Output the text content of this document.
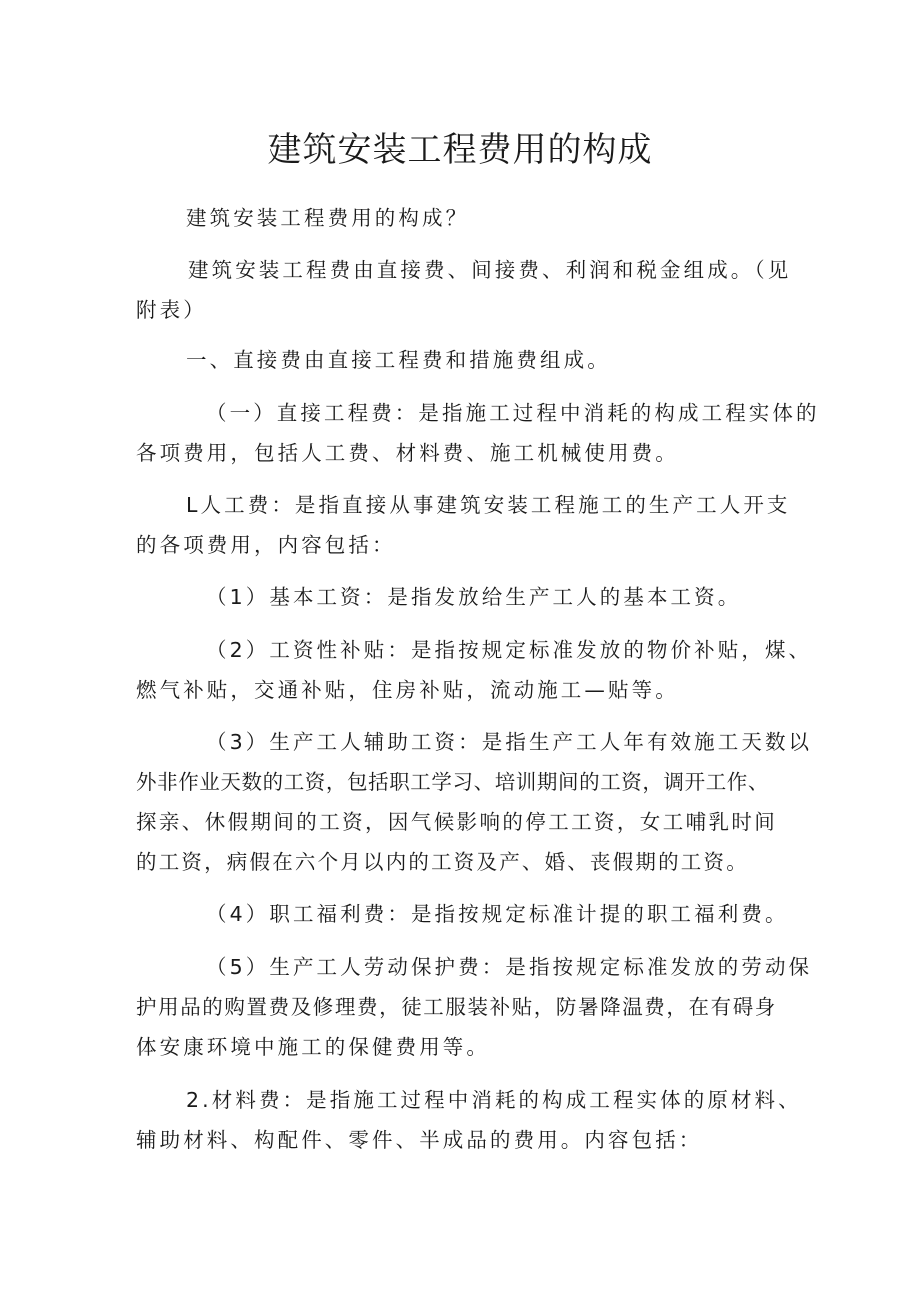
建筑安装工程费用的构成
建筑安装工程费用的构成？
建筑安装工程费由直接费、间接费、利润和税金组成。（见
附表）
一、直接费由直接工程费和措施费组成。
（一）直接工程费：是指施工过程中消耗的构成工程实体的
各项费用，包括人工费、材料费、施工机械使用费。
L人工费：是指直接从事建筑安装工程施工的生产工人开支
的各项费用，内容包括：
（1）基本工资：是指发放给生产工人的基本工资。
（2）工资性补贴：是指按规定标准发放的物价补贴，煤、
燃气补贴，交通补贴，住房补贴，流动施工—贴等。
（3）生产工人辅助工资：是指生产工人年有效施工天数以
外非作业天数的工资，包括职工学习、培训期间的工资，调开工作、
探亲、休假期间的工资，因气候影响的停工工资，女工哺乳时间
的工资，病假在六个月以内的工资及产、婚、丧假期的工资。
（4）职工福利费：是指按规定标准计提的职工福利费。
（5）生产工人劳动保护费：是指按规定标准发放的劳动保
护用品的购置费及修理费，徒工服装补贴，防暑降温费，在有碍身
体安康环境中施工的保健费用等。
2.材料费：是指施工过程中消耗的构成工程实体的原材料、
辅助材料、构配件、零件、半成品的费用。内容包括：
